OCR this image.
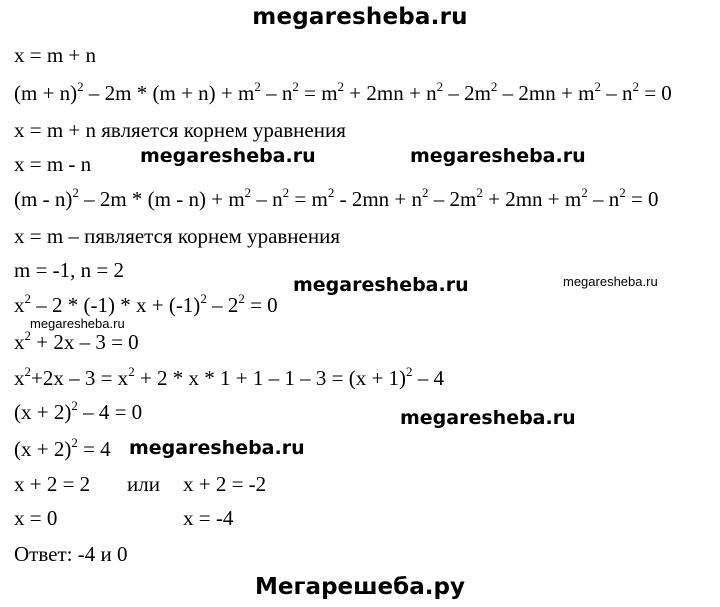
megaresheba.ru
x = m + n
$(m + n)^2 - 2m * (m + n) + m^2 - n^2 = m^2 + 2mn + n^2 - 2m^2 - 2mn + m^2 - n^2 = 0$
x = m + n является корнем уравнения
x = m - n
$(m - n)^2 - 2m * (m - n) + m^2 - n^2 = m^2 - 2mn + n^2 - 2m^2 + 2mn + m^2 - n^2 = 0$
x = m – пявляется корнем уравнения
m = -1, n = 2
$x^2 - 2 * (-1) * x + (-1)^2 - 2^2 = 0$
$x^2 + 2x - 3 = 0$
$x^2+2x - 3 = x^2 + 2 * x * 1 + 1 - 1 - 3 = (x + 1)^2 - 4$
$(x + 2)^2 - 4 = 0$
$(x + 2)^2 = 4$
x + 2 = 2 или x + 2 = -2
x = 0	x = -4
Ответ: -4 и 0
megaresheba.ru	megaresheba.ru
megaresheba.ru	megaresheba.ru
megaresheba.ru
megaresheba.ru
megaresheba.ru
Мегарешеба.ру
